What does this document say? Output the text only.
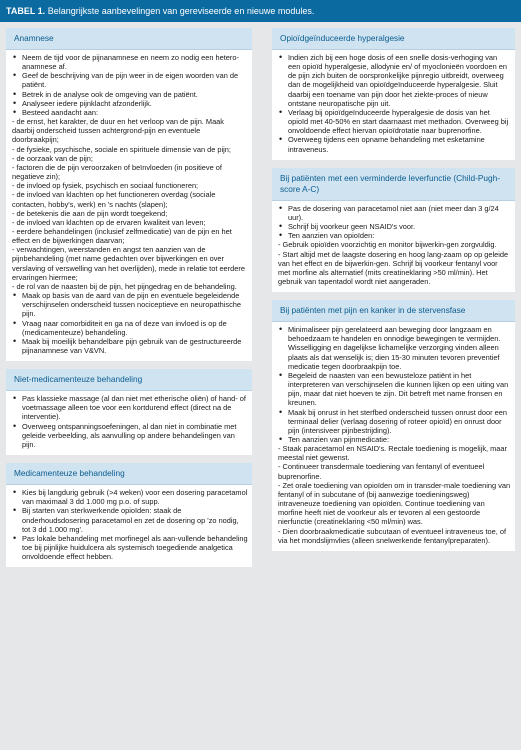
TABEL 1. Belangrijkste aanbevelingen van gereviseerde en nieuwe modules.
Anamnese
• Neem de tijd voor de pijnanamnese en neem zo nodig een hetero-anamnese af.
• Geef de beschrijving van de pijn weer in de eigen woorden van de patiënt.
• Betrek in de analyse ook de omgeving van de patiënt.
• Analyseer iedere pijnklacht afzonderlijk.
• Besteed aandacht aan:
- de ernst, het karakter, de duur en het verloop van de pijn. Maak daarbij onderscheid tussen achtergrond-pijn en eventuele doorbraakpijn;
- de fysieke, psychische, sociale en spirituele dimensie van de pijn;
- de oorzaak van de pijn;
- factoren die de pijn veroorzaken of beïnvloeden (in positieve of negatieve zin);
- de invloed op fysiek, psychisch en sociaal functioneren;
- de invloed van klachten op het functioneren overdag (sociale contacten, hobby's, werk) en 's nachts (slapen);
- de betekenis die aan de pijn wordt toegekend;
- de invloed van klachten op de ervaren kwaliteit van leven;
- eerdere behandelingen (inclusief zelfmedicatie) van de pijn en het effect en de bijwerkingen daarvan;
- verwachtingen, weerstanden en angst ten aanzien van de pijnbehandeling (met name gedachten over bijwerkingen en over verslaving of verswelling van het overlijden), mede in relatie tot eerdere ervaringen hiermee;
- de rol van de naasten bij de pijn, het pijngedrag en de behandeling.
• Maak op basis van de aard van de pijn en eventuele begeleidende verschijnselen onderscheid tussen nociceptieve en neuropathische pijn.
• Vraag naar comorbiditeit en ga na of deze van invloed is op de (medicamenteuze) behandeling.
• Maak bij moeilijk behandelbare pijn gebruik van de gestructureerde pijnanamnese van V&VN.
Niet-medicamenteuze behandeling
• Pas klassieke massage (al dan niet met etherische oliën) of hand- of voetmassage alleen toe voor een kortdurend effect (direct na de interventie).
• Overweeg ontspanningsoefeningen, al dan niet in combinatie met geleide verbeelding, als aanvulling op andere behandelingen van pijn.
Medicamenteuze behandeling
• Kies bij langdurig gebruik (>4 weken) voor een dosering paracetamol van maximaal 3 dd 1.000 mg p.o. of supp.
• Bij starten van sterkwerkende opioïden: staak de onderhoudsdosering paracetamol en zet de dosering op 'zo nodig, tot 3 dd 1.000 mg'.
• Pas lokale behandeling met morfinegel als aan-vullende behandeling toe bij pijnlijke huidulcera als systemisch toegediende analgetica onvoldoende effect hebben.
Opioïdgeïnduceerde hyperalgesie
• Indien zich bij een hoge dosis of een snelle dosis-verhoging van een opioïd hyperalgesie, allodynie en/ of myoclonieën voordoen en de pijn zich buiten de oorspronkelijke pijnregio uitbreidt, overweeg dan de mogelijkheid van opioïdgeïnduceerde hyperalgesie. Sluit daarbij een toename van pijn door het ziekte-proces of nieuw ontstane neuropatische pijn uit.
• Verlaag bij opioïdgeïnduceerde hyperalgesie de dosis van het opioïd met 40-50% en start daarnaast met methadon. Overweeg bij onvoldoende effect hiervan opioïdrotatie naar buprenorfine.
• Overweeg tijdens een opname behandeling met esketamine intraveneus.
Bij patiënten met een verminderde leverfunctie (Child-Pugh-score A-C)
• Pas de dosering van paracetamol niet aan (niet meer dan 3 g/24 uur).
• Schrijf bij voorkeur geen NSAID's voor.
• Ten aanzien van opioïden:
- Gebruik opioïden voorzichtig en monitor bijwerkin-gen zorgvuldig.
- Start altijd met de laagste dosering en hoog lang-zaam op op geleide van het effect en de bijwerkin-gen. Schrijf bij voorkeur fentanyl voor met morfine als alternatief (mits creatineklaring >50 ml/min). Het gebruik van tapentadol wordt niet aangeraden.
Bij patiënten met pijn en kanker in de stervensfase
• Minimaliseer pijn gerelateerd aan beweging door langzaam en behoedzaam te handelen en onnodige bewegingen te vermijden. Wisselligging en dagelijkse lichamelijke verzorging vinden alleen plaats als dat wenselijk is; dien 15-30 minuten tevoren preventief medicatie tegen doorbraakpijn toe.
• Begeleid de naasten van een bewusteloze patiënt in het interpreteren van verschijnselen die kunnen lijken op een uiting van pijn, maar dat niet hoeven te zijn. Dit betreft met name fronsen en kreunen.
• Maak bij onrust in het sterfbed onderscheid tussen onrust door een terminaal delier (verlaag dosering of roteer opioïd) en onrust door pijn (intensiveer pijnbestrijding).
• Ten aanzien van pijnmedicatie:
- Staak paracetamol en NSAID's. Rectale toediening is mogelijk, maar meestal niet gewenst.
- Continueer transdermale toediening van fentanyl of eventueel buprenorfine.
- Zet orale toediening van opioïden om in transder-male toediening van fentanyl of in subcutane of (bij aanwezige toedieningsweg) intraveneuze toediening van opioïden. Continue toediening van morfine heeft niet de voorkeur als er tevoren al een gestoorde nierfunctie (creatineklaring <50 ml/min) was.
- Dien doorbraakmedicatie subcutaan of eventueel intraveneus toe, of via het mondslijmvlies (alleen snelwerkende fentanylpreparaten).
